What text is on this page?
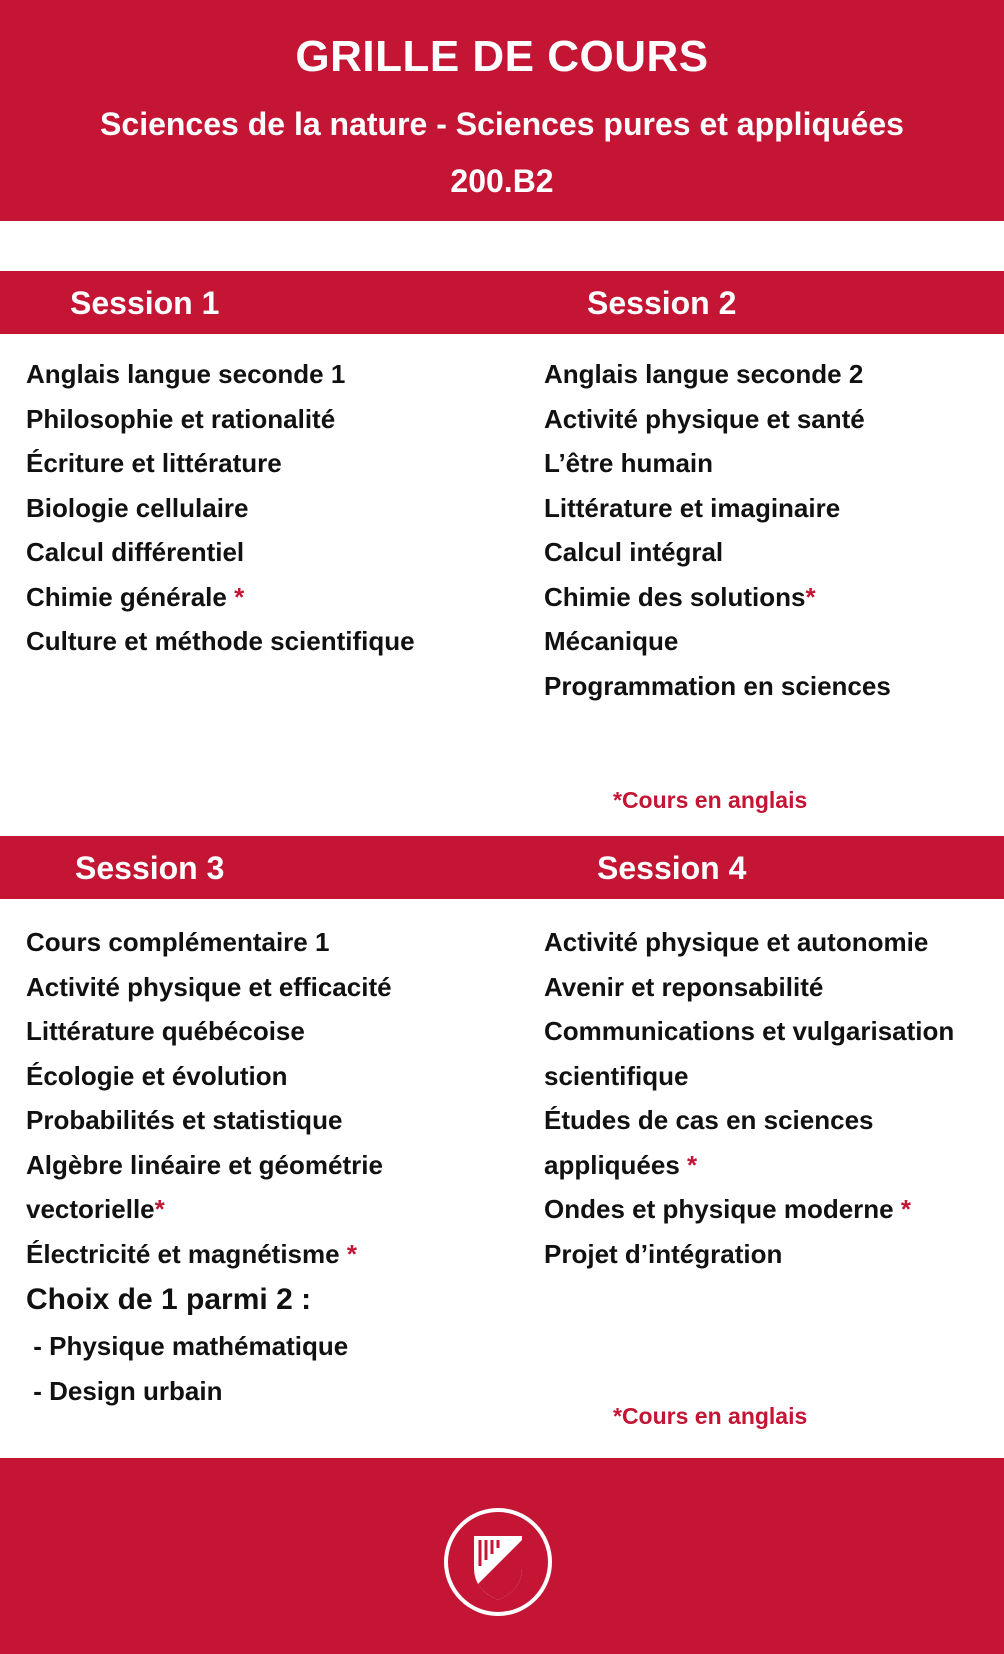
GRILLE DE COURS
Sciences de la nature - Sciences pures et appliquées
200.B2
Session 1	Session 2
Anglais langue seconde 1
Philosophie et rationalité
Écriture et littérature
Biologie cellulaire
Calcul différentiel
Chimie générale *
Culture et méthode scientifique
Anglais langue seconde 2
Activité physique et santé
L’être humain
Littérature et imaginaire
Calcul intégral
Chimie des solutions*
Mécanique
Programmation en sciences
*Cours en anglais
Session 3	Session 4
Cours complémentaire 1
Activité physique et efficacité
Littérature québécoise
Écologie et évolution
Probabilités et statistique
Algèbre linéaire et géométrie
vectorielle*
Électricité et magnétisme *
Choix de 1 parmi 2 :
- Physique mathématique
- Design urbain
Activité physique et autonomie
Avenir et reponsabilité
Communications et vulgarisation
scientifique
Études de cas en sciences
appliquées *
Ondes et physique moderne *
Projet d’intégration
*Cours en anglais
